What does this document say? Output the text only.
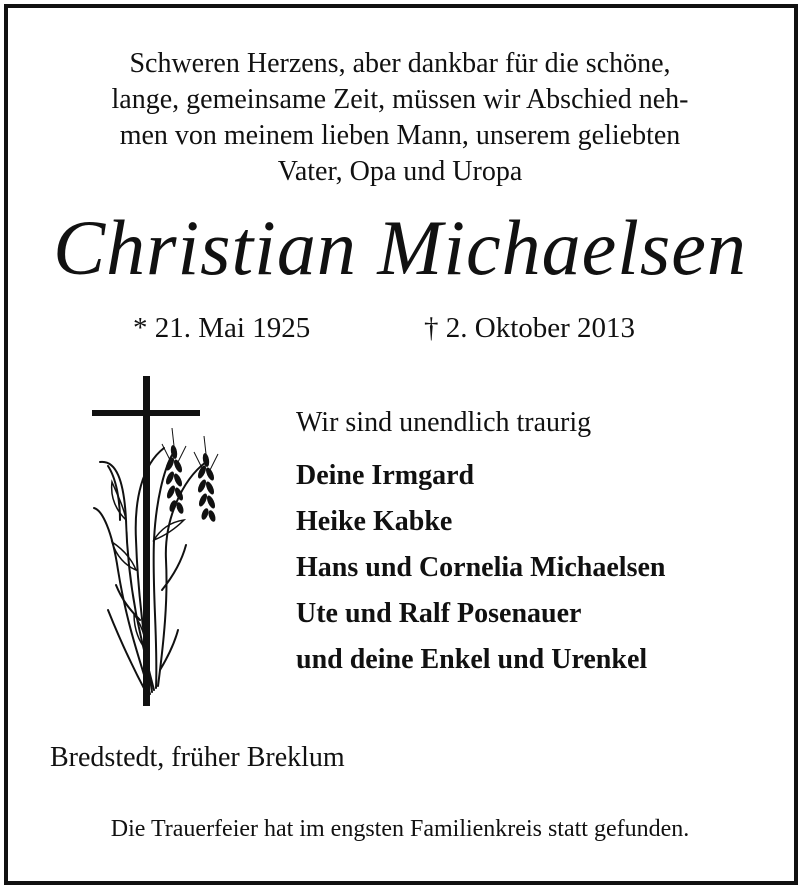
Schweren Herzens, aber dankbar für die schöne,
lange, gemeinsame Zeit, müssen wir Abschied neh-
men von meinem lieben Mann, unserem geliebten
Vater, Opa und Uropa
Christian Michaelsen
* 21. Mai 1925	† 2. Oktober 2013
Wir sind unendlich traurig
Deine Irmgard
Heike Kabke
Hans und Cornelia Michaelsen
Ute und Ralf Posenauer
und deine Enkel und Urenkel
Bredstedt, früher Breklum
Die Trauerfeier hat im engsten Familienkreis statt gefunden.
